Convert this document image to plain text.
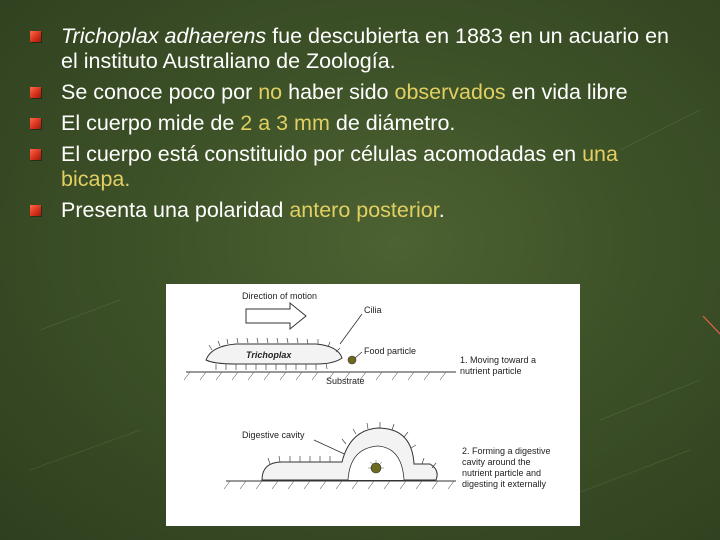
Trichoplax adhaerens fue descubierta en 1883 en un acuario en el instituto Australiano de Zoología.
Se conoce poco por no haber sido observados en vida libre
El cuerpo mide de 2 a 3 mm de diámetro.
El cuerpo está constituido por células acomodadas en una bicapa.
Presenta una polaridad antero posterior.
Direction of motion
Cilia
Trichoplax	Food particle
Substrate
1. Moving toward a nutrient particle
Digestive cavity
2. Forming a digestive cavity around the nutrient particle and digesting it externally
